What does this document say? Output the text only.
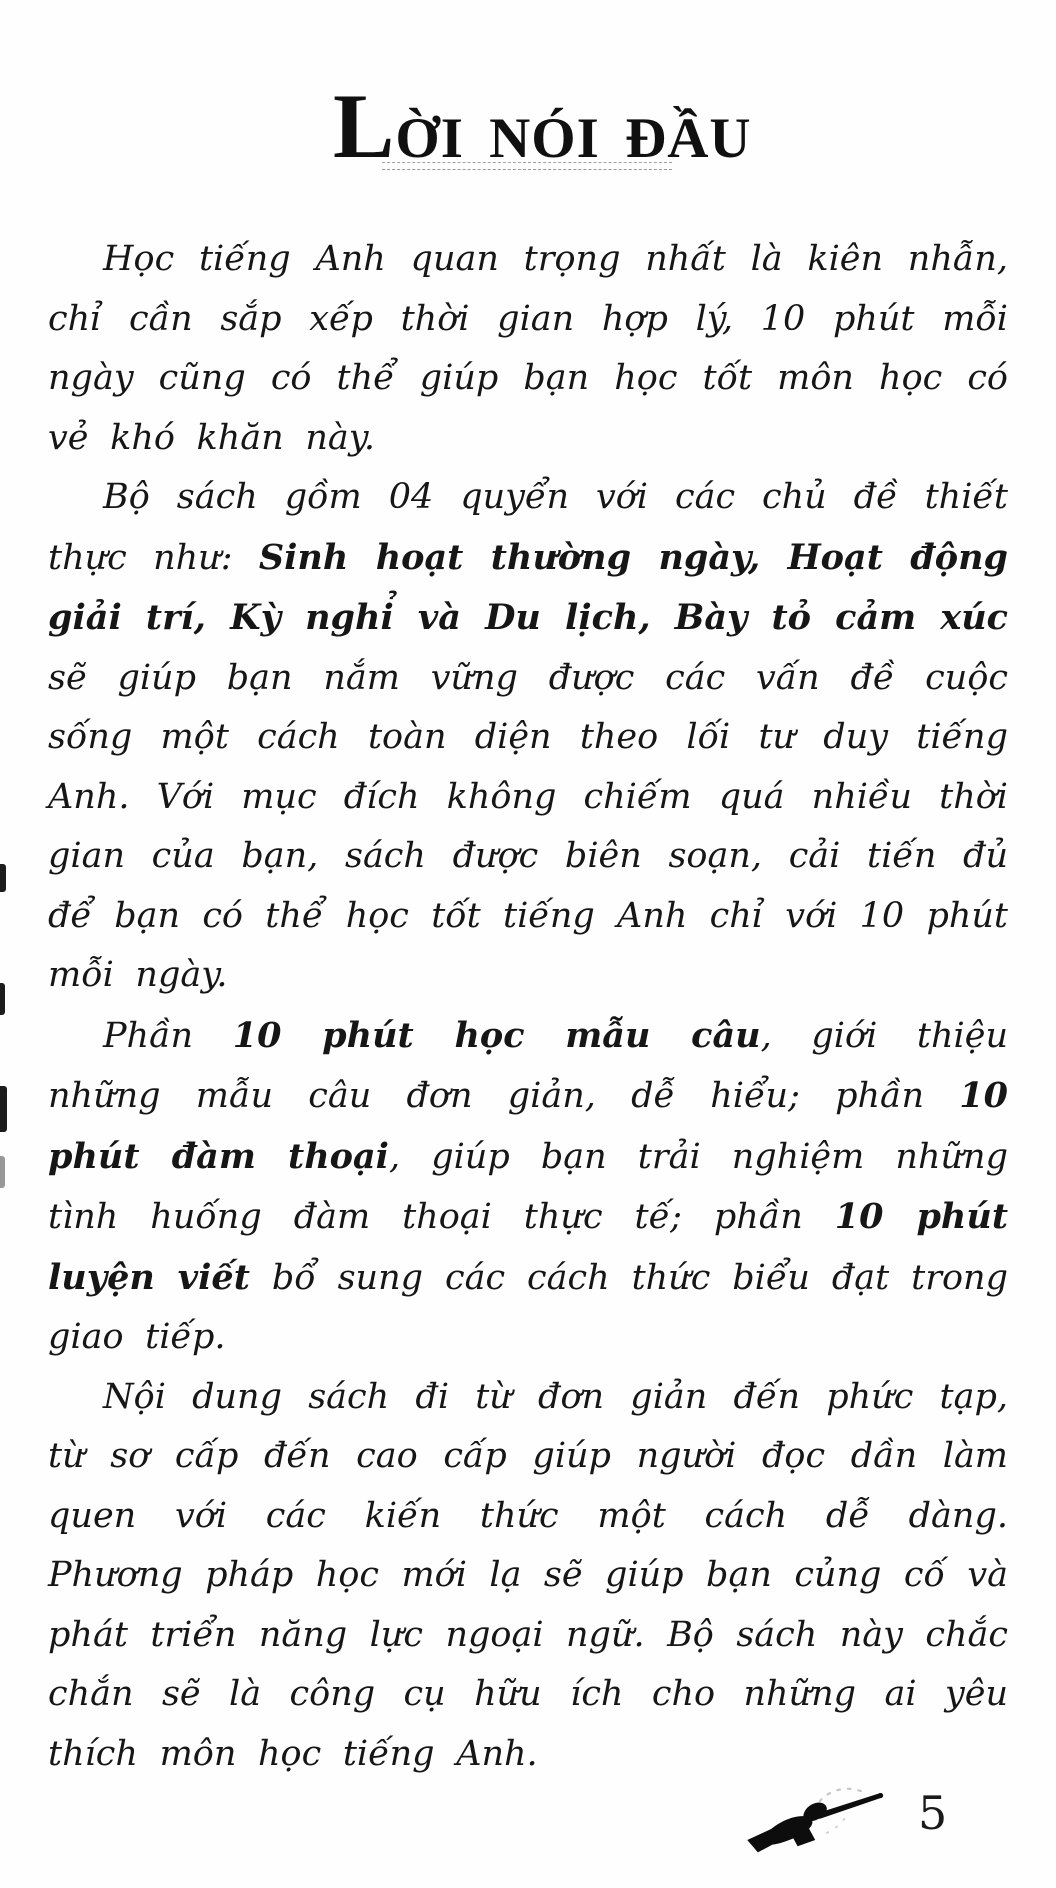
LỜI NÓI ĐẦU

Học tiếng Anh quan trọng nhất là kiên nhẫn, chỉ cần sắp xếp thời gian hợp lý, 10 phút mỗi ngày cũng có thể giúp bạn học tốt môn học có vẻ khó khăn này.

Bộ sách gồm 04 quyển với các chủ đề thiết thực như: Sinh hoạt thường ngày, Hoạt động giải trí, Kỳ nghỉ và Du lịch, Bày tỏ cảm xúc sẽ giúp bạn nắm vững được các vấn đề cuộc sống một cách toàn diện theo lối tư duy tiếng Anh. Với mục đích không chiếm quá nhiều thời gian của bạn, sách được biên soạn, cải tiến đủ để bạn có thể học tốt tiếng Anh chỉ với 10 phút mỗi ngày.

Phần 10 phút học mẫu câu, giới thiệu những mẫu câu đơn giản, dễ hiểu; phần 10 phút đàm thoại, giúp bạn trải nghiệm những tình huống đàm thoại thực tế; phần 10 phút luyện viết bổ sung các cách thức biểu đạt trong giao tiếp.

Nội dung sách đi từ đơn giản đến phức tạp, từ sơ cấp đến cao cấp giúp người đọc dần làm quen với các kiến thức một cách dễ dàng. Phương pháp học mới lạ sẽ giúp bạn củng cố và phát triển năng lực ngoại ngữ. Bộ sách này chắc chắn sẽ là công cụ hữu ích cho những ai yêu thích môn học tiếng Anh.

5
